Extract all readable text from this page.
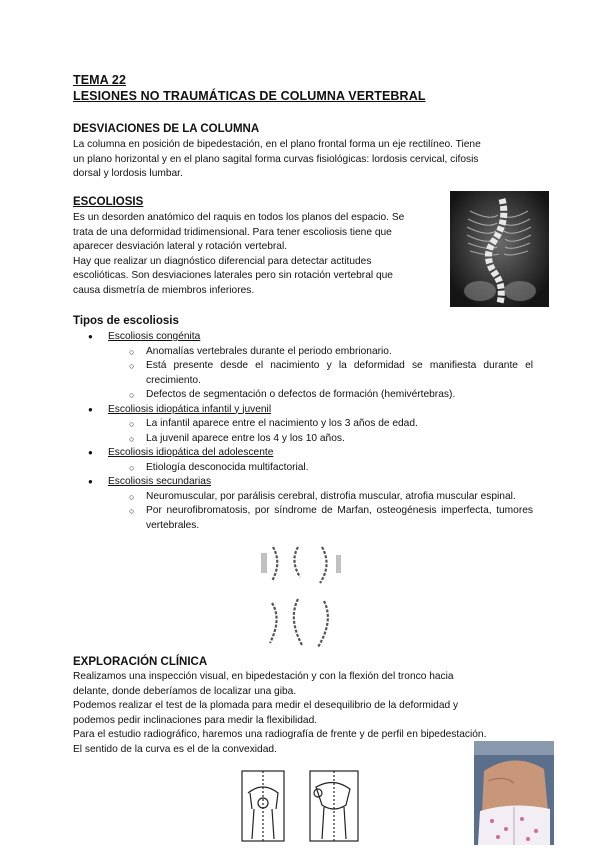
TEMA 22
LESIONES NO TRAUMÁTICAS DE COLUMNA VERTEBRAL
DESVIACIONES DE LA COLUMNA
La columna en posición de bipedestación, en el plano frontal forma un eje rectilíneo. Tiene
un plano horizontal y en el plano sagital forma curvas fisiológicas: lordosis cervical, cifosis
dorsal y lordosis lumbar.
ESCOLIOSIS
Es un desorden anatómico del raquis en todos los planos del espacio. Se
trata de una deformidad tridimensional. Para tener escoliosis tiene que
aparecer desviación lateral y rotación vertebral.
Hay que realizar un diagnóstico diferencial para detectar actitudes
escolióticas. Son desviaciones laterales pero sin rotación vertebral que
causa dismetría de miembros inferiores.
Tipos de escoliosis
● Escoliosis congénita
○ Anomalías vertebrales durante el periodo embrionario.
○ Está presente desde el nacimiento y la deformidad se manifiesta durante el crecimiento.
○ Defectos de segmentación o defectos de formación (hemivértebras).
● Escoliosis idiopática infantil y juvenil
○ La infantil aparece entre el nacimiento y los 3 años de edad.
○ La juvenil aparece entre los 4 y los 10 años.
● Escoliosis idiopática del adolescente
○ Etiología desconocida multifactorial.
● Escoliosis secundarias
○ Neuromuscular, por parálisis cerebral, distrofia muscular, atrofia muscular espinal.
○ Por neurofibromatosis, por síndrome de Marfan, osteogénesis imperfecta, tumores vertebrales.
EXPLORACIÓN CLÍNICA
Realizamos una inspección visual, en bipedestación y con la flexión del tronco hacia
delante, donde deberíamos de localizar una giba.
Podemos realizar el test de la plomada para medir el desequilibrio de la deformidad y
podemos pedir inclinaciones para medir la flexibilidad.
Para el estudio radiográfico, haremos una radiografía de frente y de perfil en bipedestación.
El sentido de la curva es el de la convexidad.
